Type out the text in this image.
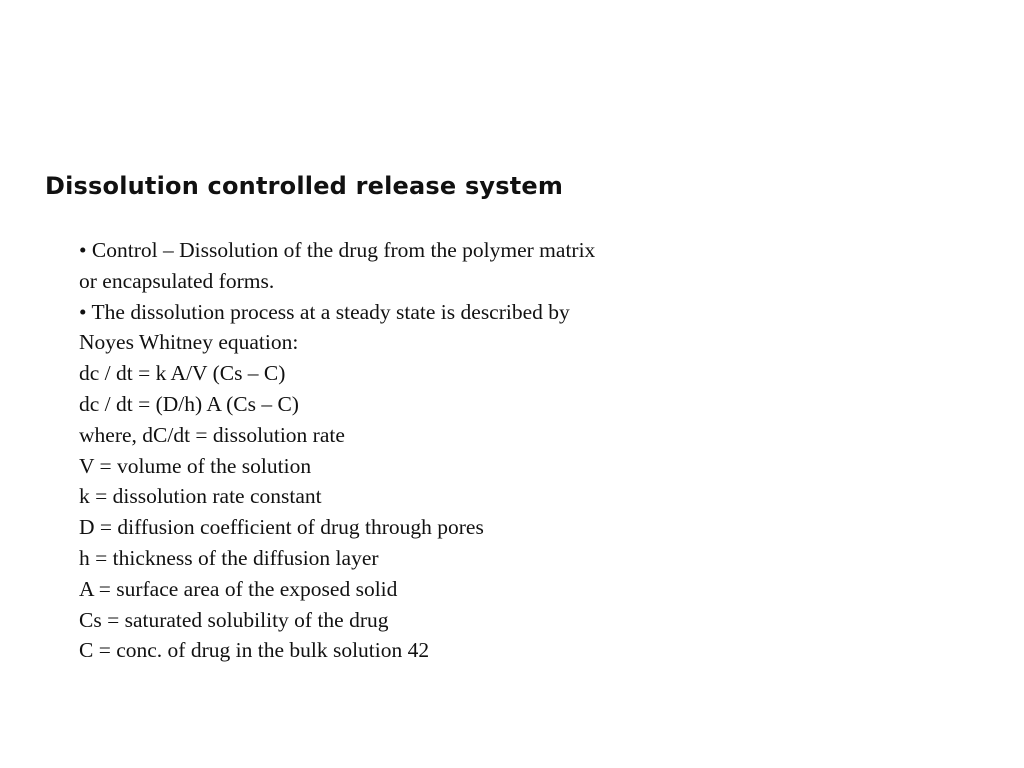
Dissolution controlled release system
• Control – Dissolution of the drug from the polymer matrix
or encapsulated forms.
• The dissolution process at a steady state is described by
Noyes Whitney equation:
dc / dt = k A/V (Cs – C)
dc / dt = (D/h) A (Cs – C)
where, dC/dt = dissolution rate
V = volume of the solution
k = dissolution rate constant
D = diffusion coefficient of drug through pores
h = thickness of the diffusion layer
A = surface area of the exposed solid
Cs = saturated solubility of the drug
C = conc. of drug in the bulk solution 42
